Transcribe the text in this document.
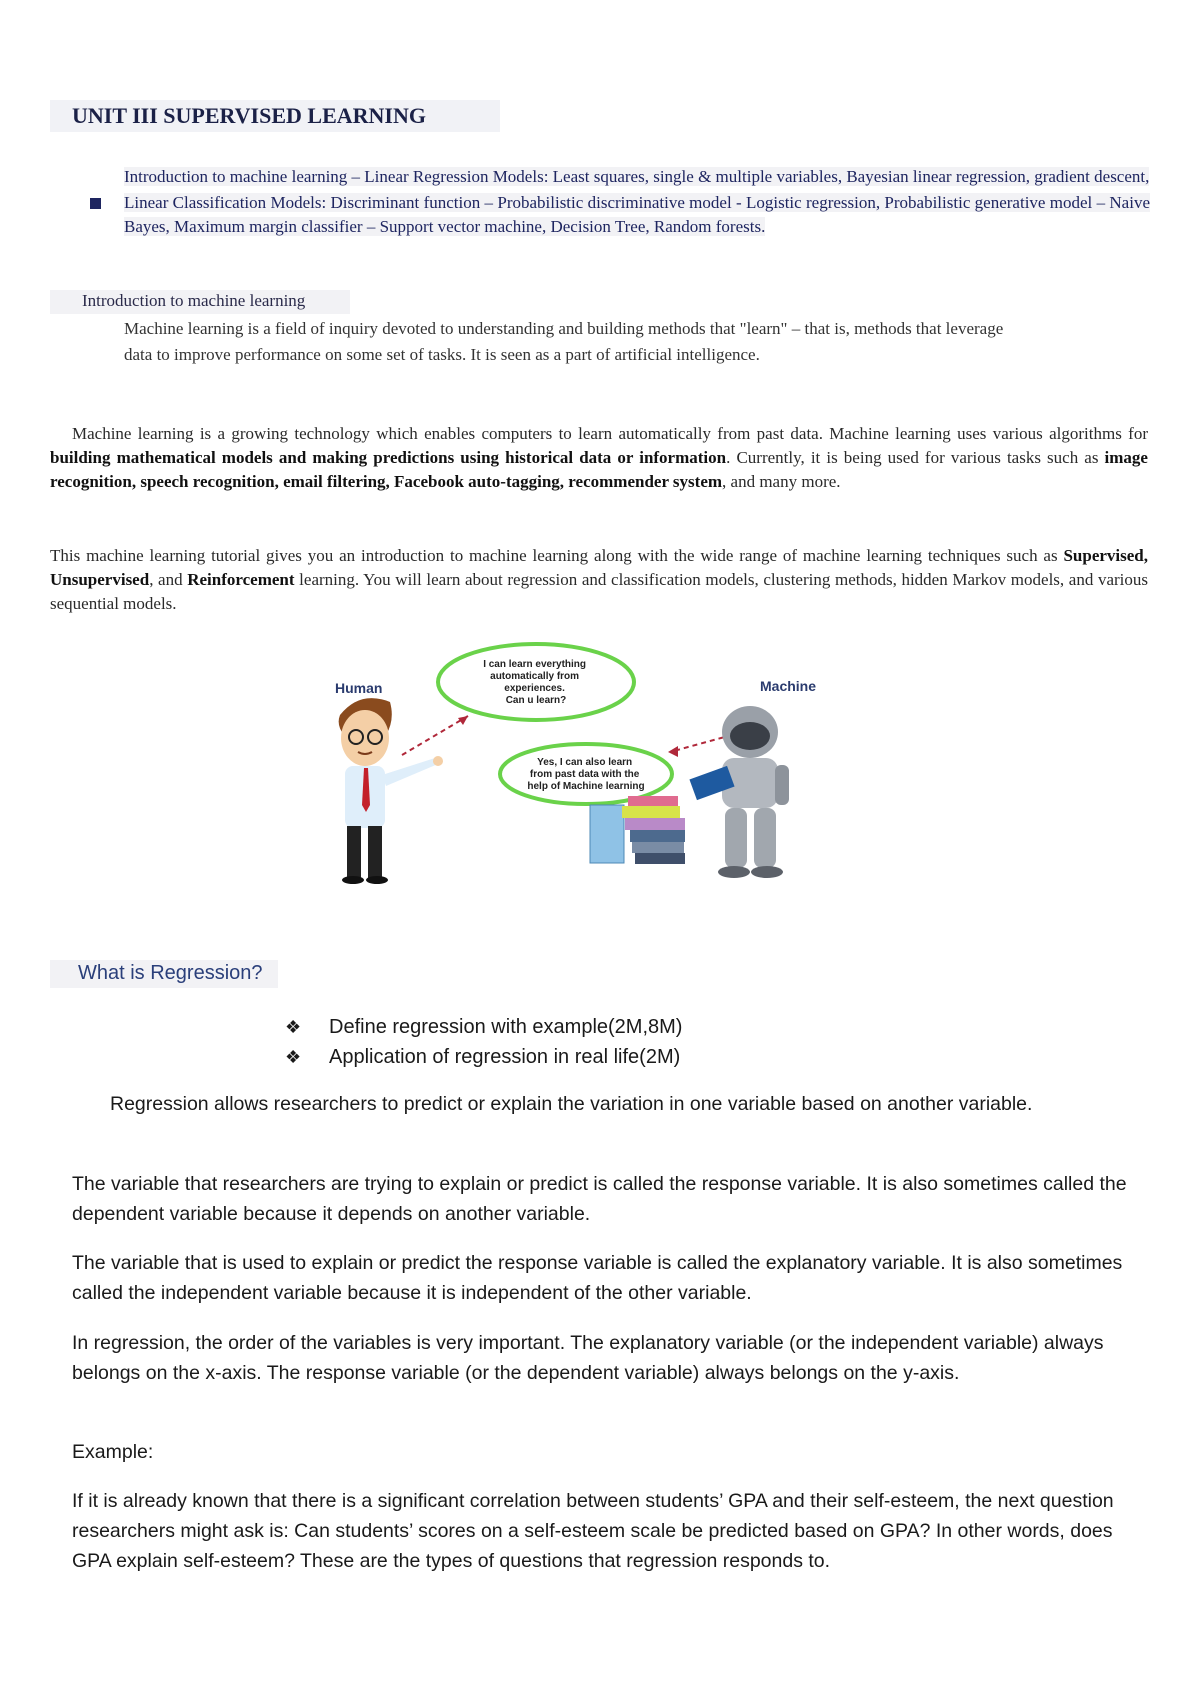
UNIT III SUPERVISED LEARNING
Introduction to machine learning – Linear Regression Models: Least squares, single & multiple variables, Bayesian linear regression, gradient descent,
Linear Classification Models: Discriminant function – Probabilistic discriminative model - Logistic regression, Probabilistic generative model – Naive Bayes, Maximum margin classifier – Support vector machine, Decision Tree, Random forests.
Introduction to machine learning
Machine learning is a field of inquiry devoted to understanding and building methods that "learn" – that is, methods that leverage data to improve performance on some set of tasks. It is seen as a part of artificial intelligence.
Machine learning is a growing technology which enables computers to learn automatically from past data. Machine learning uses various algorithms for building mathematical models and making predictions using historical data or information. Currently, it is being used for various tasks such as image recognition, speech recognition, email filtering, Facebook auto-tagging, recommender system, and many more.
This machine learning tutorial gives you an introduction to machine learning along with the wide range of machine learning techniques such as Supervised, Unsupervised, and Reinforcement learning. You will learn about regression and classification models, clustering methods, hidden Markov models, and various sequential models.
Human	Machine
I can learn everything automatically from experiences. Can u learn?
Yes, I can also learn from past data with the help of Machine learning
What is Regression?
❖ Define regression with example(2M,8M)
❖ Application of regression in real life(2M)
Regression allows researchers to predict or explain the variation in one variable based on another variable.
The variable that researchers are trying to explain or predict is called the response variable. It is also sometimes called the dependent variable because it depends on another variable.
The variable that is used to explain or predict the response variable is called the explanatory variable. It is also sometimes called the independent variable because it is independent of the other variable.
In regression, the order of the variables is very important. The explanatory variable (or the independent variable) always belongs on the x-axis. The response variable (or the dependent variable) always belongs on the y-axis.
Example:
If it is already known that there is a significant correlation between students’ GPA and their self-esteem, the next question researchers might ask is: Can students’ scores on a self-esteem scale be predicted based on GPA? In other words, does GPA explain self-esteem? These are the types of questions that regression responds to.
